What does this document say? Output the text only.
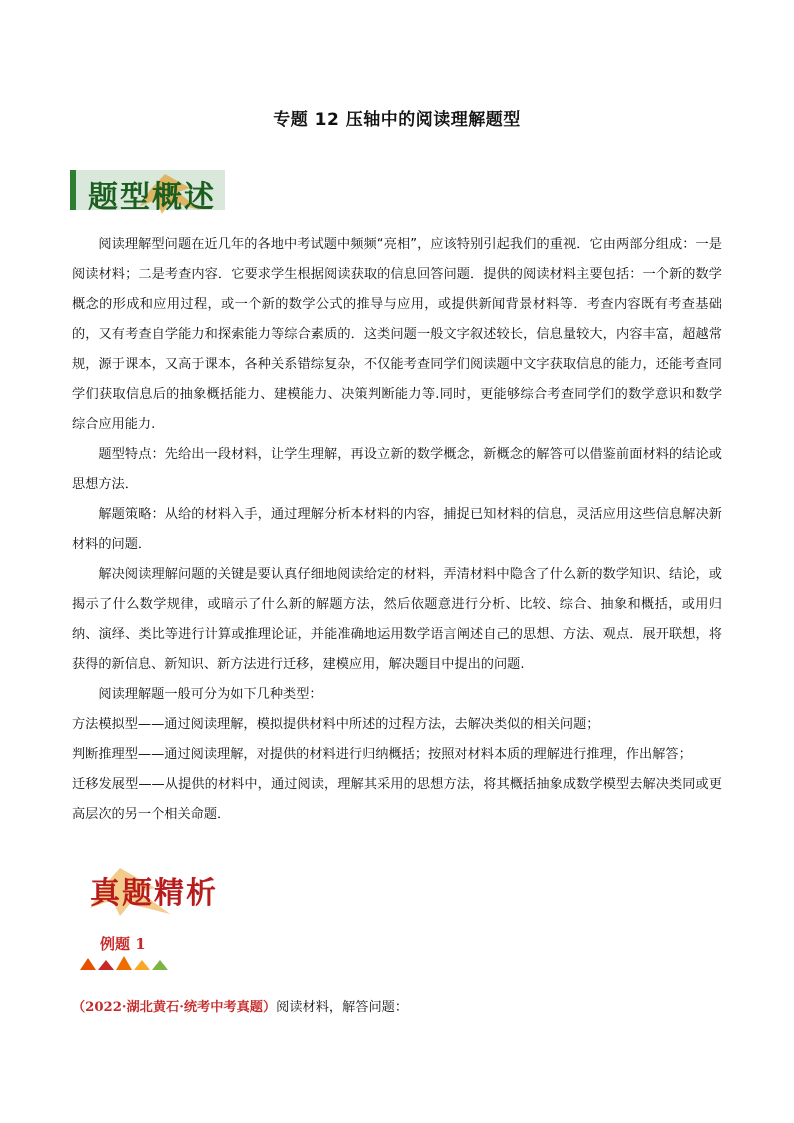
专题 12 压轴中的阅读理解题型
题型概述

阅读理解型问题在近几年的各地中考试题中频频“亮相”，应该特别引起我们的重视．它由两部分组成：一是阅读材料；二是考查内容．它要求学生根据阅读获取的信息回答问题．提供的阅读材料主要包括：一个新的数学概念的形成和应用过程，或一个新的数学公式的推导与应用，或提供新闻背景材料等．考查内容既有考查基础的，又有考查自学能力和探索能力等综合素质的．这类问题一般文字叙述较长，信息量较大，内容丰富，超越常规，源于课本，又高于课本，各种关系错综复杂，不仅能考查同学们阅读题中文字获取信息的能力，还能考查同学们获取信息后的抽象概括能力、建模能力、决策判断能力等.同时，更能够综合考查同学们的数学意识和数学综合应用能力.

题型特点：先给出一段材料，让学生理解，再设立新的数学概念，新概念的解答可以借鉴前面材料的结论或思想方法．

解题策略：从给的材料入手，通过理解分析本材料的内容，捕捉已知材料的信息，灵活应用这些信息解决新材料的问题．

解决阅读理解问题的关键是要认真仔细地阅读给定的材料，弄清材料中隐含了什么新的数学知识、结论，或揭示了什么数学规律，或暗示了什么新的解题方法，然后依题意进行分析、比较、综合、抽象和概括，或用归纳、演绎、类比等进行计算或推理论证，并能准确地运用数学语言阐述自己的思想、方法、观点．展开联想，将获得的新信息、新知识、新方法进行迁移，建模应用，解决题目中提出的问题.

阅读理解题一般可分为如下几种类型：

方法模拟型——通过阅读理解，模拟提供材料中所述的过程方法，去解决类似的相关问题；

判断推理型——通过阅读理解，对提供的材料进行归纳概括；按照对材料本质的理解进行推理，作出解答；

迁移发展型——从提供的材料中，通过阅读，理解其采用的思想方法，将其概括抽象成数学模型去解决类同或更高层次的另一个相关命题．

真题精析
例题 1
（2022·湖北黄石·统考中考真题）阅读材料，解答问题：
